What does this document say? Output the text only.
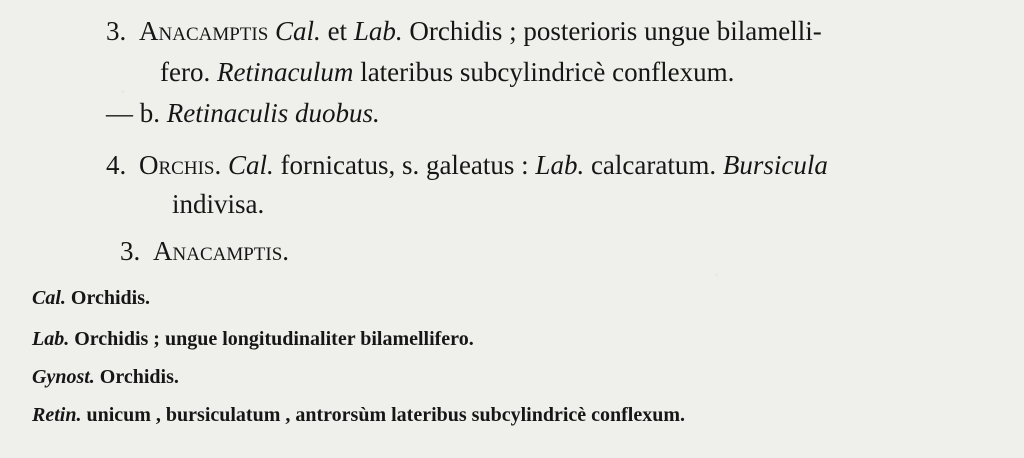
3. Anacamptis Cal. et Lab. Orchidis ; posterioris ungue bilamelli-
fero. Retinaculum lateribus subcylindricè conflexum.
— b. Retinaculis duobus.
4. Orchis. Cal. fornicatus, s. galeatus : Lab. calcaratum. Bursicula
indivisa.
3. Anacamptis.
Cal. Orchidis.
Lab. Orchidis ; ungue longitudinaliter bilamellifero.
Gynost. Orchidis.
Retin. unicum , bursiculatum , antrorsùm lateribus subcylindricè conflexum.
